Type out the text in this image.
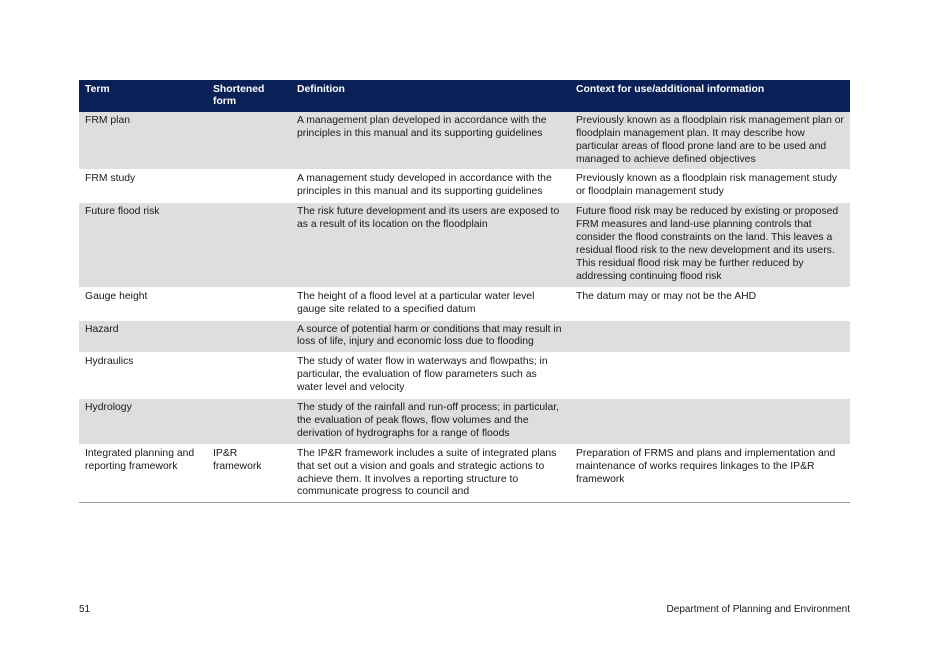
Term	Shortened form	Definition	Context for use/additional information
FRM plan		A management plan developed in accordance with the principles in this manual and its supporting guidelines	Previously known as a floodplain risk management plan or floodplain management plan. It may describe how particular areas of flood prone land are to be used and managed to achieve defined objectives
FRM study		A management study developed in accordance with the principles in this manual and its supporting guidelines	Previously known as a floodplain risk management study or floodplain management study
Future flood risk		The risk future development and its users are exposed to as a result of its location on the floodplain	Future flood risk may be reduced by existing or proposed FRM measures and land-use planning controls that consider the flood constraints on the land. This leaves a residual flood risk to the new development and its users. This residual flood risk may be further reduced by addressing continuing flood risk
Gauge height		The height of a flood level at a particular water level gauge site related to a specified datum	The datum may or may not be the AHD
Hazard		A source of potential harm or conditions that may result in loss of life, injury and economic loss due to flooding	
Hydraulics		The study of water flow in waterways and flowpaths; in particular, the evaluation of flow parameters such as water level and velocity	
Hydrology		The study of the rainfall and run-off process; in particular, the evaluation of peak flows, flow volumes and the derivation of hydrographs for a range of floods	
Integrated planning and reporting framework	IP&R framework	The IP&R framework includes a suite of integrated plans that set out a vision and goals and strategic actions to achieve them. It involves a reporting structure to communicate progress to council and	Preparation of FRMS and plans and implementation and maintenance of works requires linkages to the IP&R framework
51	Department of Planning and Environment
